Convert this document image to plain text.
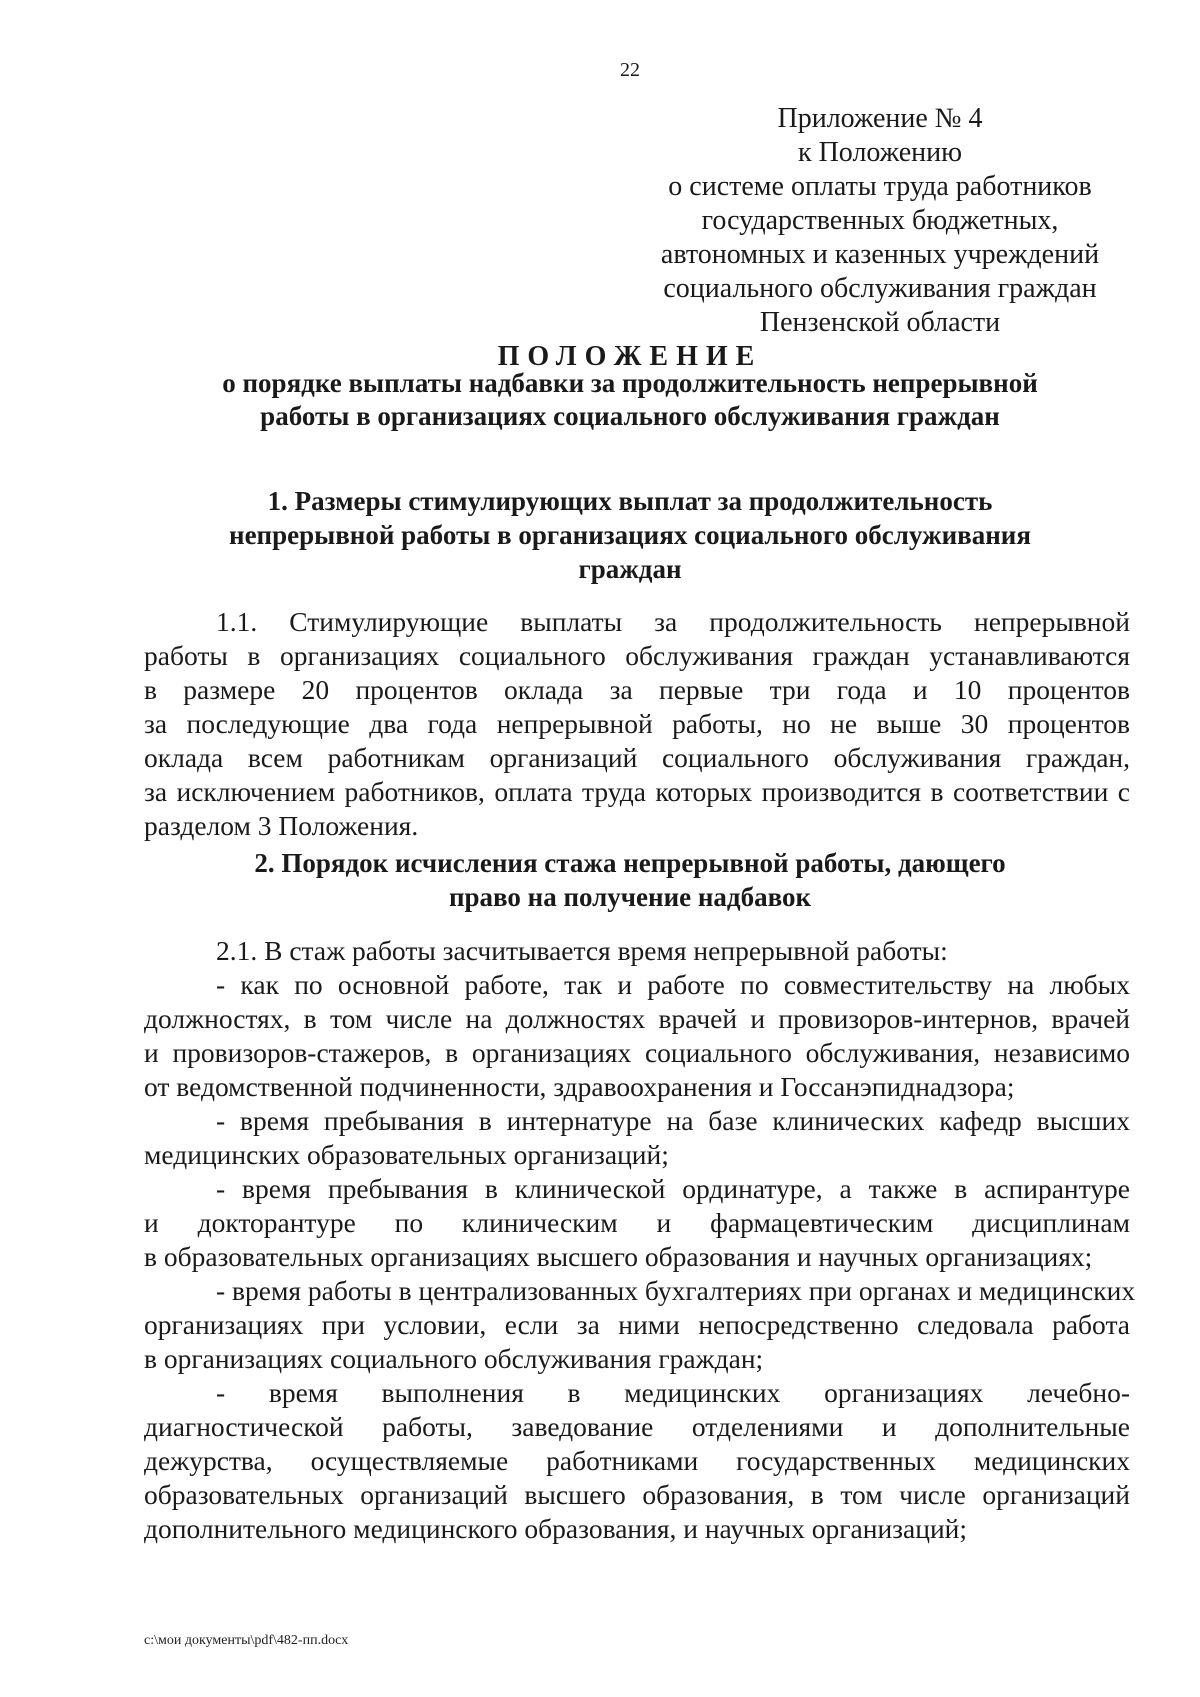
22
Приложение № 4
к Положению
о системе оплаты труда работников
государственных бюджетных,
автономных и казенных учреждений
социального обслуживания граждан
Пензенской области
ПОЛОЖЕНИЕ
о порядке выплаты надбавки за продолжительность непрерывной
работы в организациях социального обслуживания граждан
1. Размеры стимулирующих выплат за продолжительность
непрерывной работы в организациях социального обслуживания
граждан
1.1. Стимулирующие выплаты за продолжительность непрерывной
работы в организациях социального обслуживания граждан устанавливаются
в размере 20 процентов оклада за первые три года и 10 процентов
за последующие два года непрерывной работы, но не выше 30 процентов
оклада всем работникам организаций социального обслуживания граждан,
за исключением работников, оплата труда которых производится в соответствии с
разделом 3 Положения.
2. Порядок исчисления стажа непрерывной работы, дающего
право на получение надбавок
2.1. В стаж работы засчитывается время непрерывной работы:
- как по основной работе, так и работе по совместительству на любых
должностях, в том числе на должностях врачей и провизоров-интернов, врачей
и провизоров-стажеров, в организациях социального обслуживания, независимо
от ведомственной подчиненности, здравоохранения и Госсанэпиднадзора;
- время пребывания в интернатуре на базе клинических кафедр высших
медицинских образовательных организаций;
- время пребывания в клинической ординатуре, а также в аспирантуре
и докторантуре по клиническим и фармацевтическим дисциплинам
в образовательных организациях высшего образования и научных организациях;
- время работы в централизованных бухгалтериях при органах и медицинских
организациях при условии, если за ними непосредственно следовала работа
в организациях социального обслуживания граждан;
- время выполнения в медицинских организациях лечебно-
диагностической работы, заведование отделениями и дополнительные
дежурства, осуществляемые работниками государственных медицинских
образовательных организаций высшего образования, в том числе организаций
дополнительного медицинского образования, и научных организаций;
c:\мои документы\pdf\482-пп.docx
